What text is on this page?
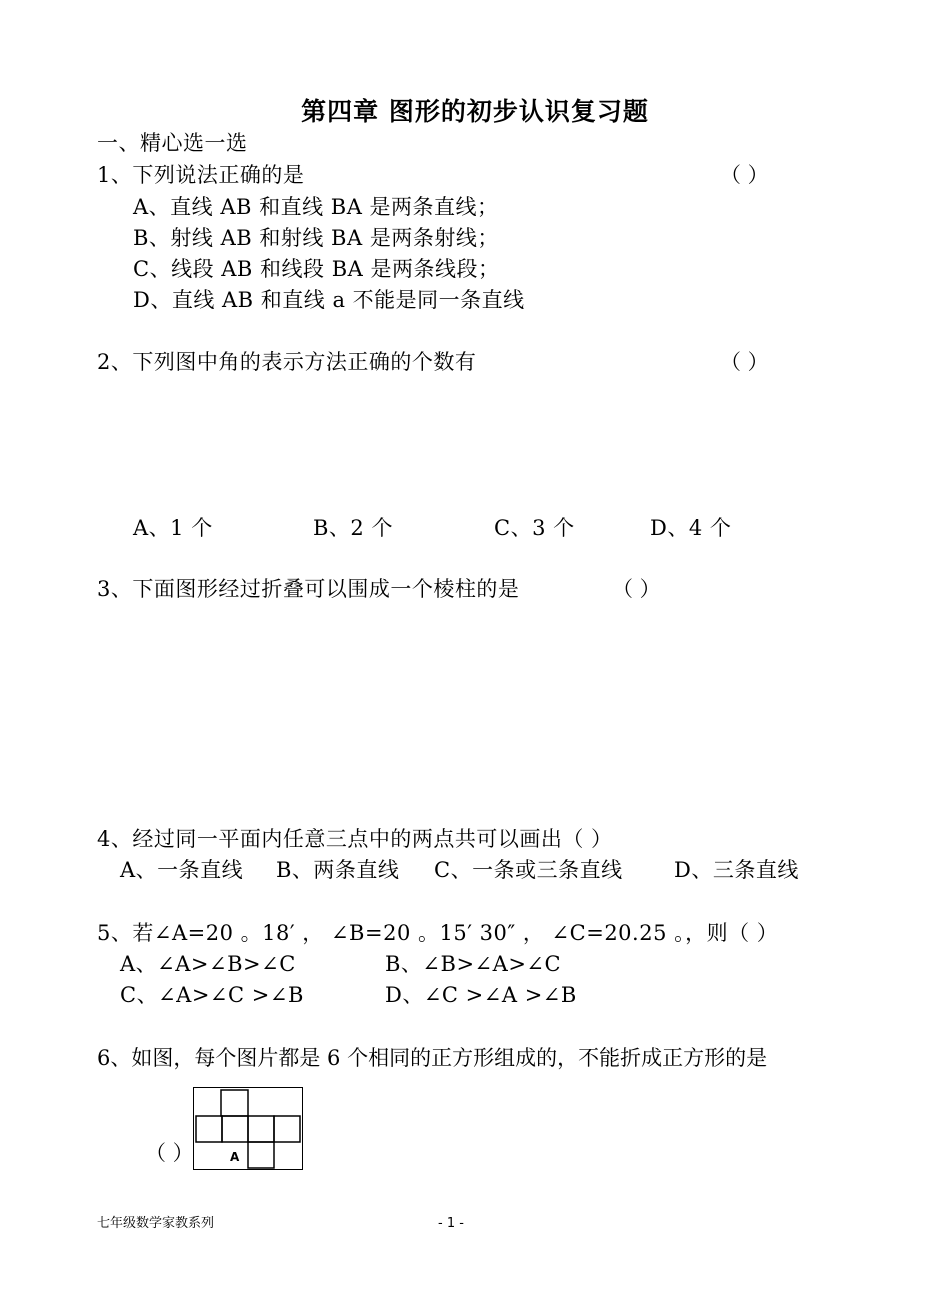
第四章 图形的初步认识复习题
一、精心选一选
1、下列说法正确的是	（ ）
A、直线 AB 和直线 BA 是两条直线；
B、射线 AB 和射线 BA 是两条射线；
C、线段 AB 和线段 BA 是两条线段；
D、直线 AB 和直线 a 不能是同一条直线
2、下列图中角的表示方法正确的个数有	（ ）
A、1 个	B、2 个	C、3 个	D、4 个
3、下面图形经过折叠可以围成一个棱柱的是	（ ）
4、经过同一平面内任意三点中的两点共可以画出（ ）
A、一条直线 B、两条直线 C、一条或三条直线 D、三条直线
5、若∠A=20 。18′ ， ∠B=20 。15′ 30″ ， ∠C=20.25 。，则（ ）
A、∠A>∠B>∠C	B、∠B>∠A>∠C
C、∠A>∠C >∠B	D、∠C >∠A >∠B
6、如图，每个图片都是 6 个相同的正方形组成的，不能折成正方形的是
（ ）	A
七年级数学家教系列	- 1 -
